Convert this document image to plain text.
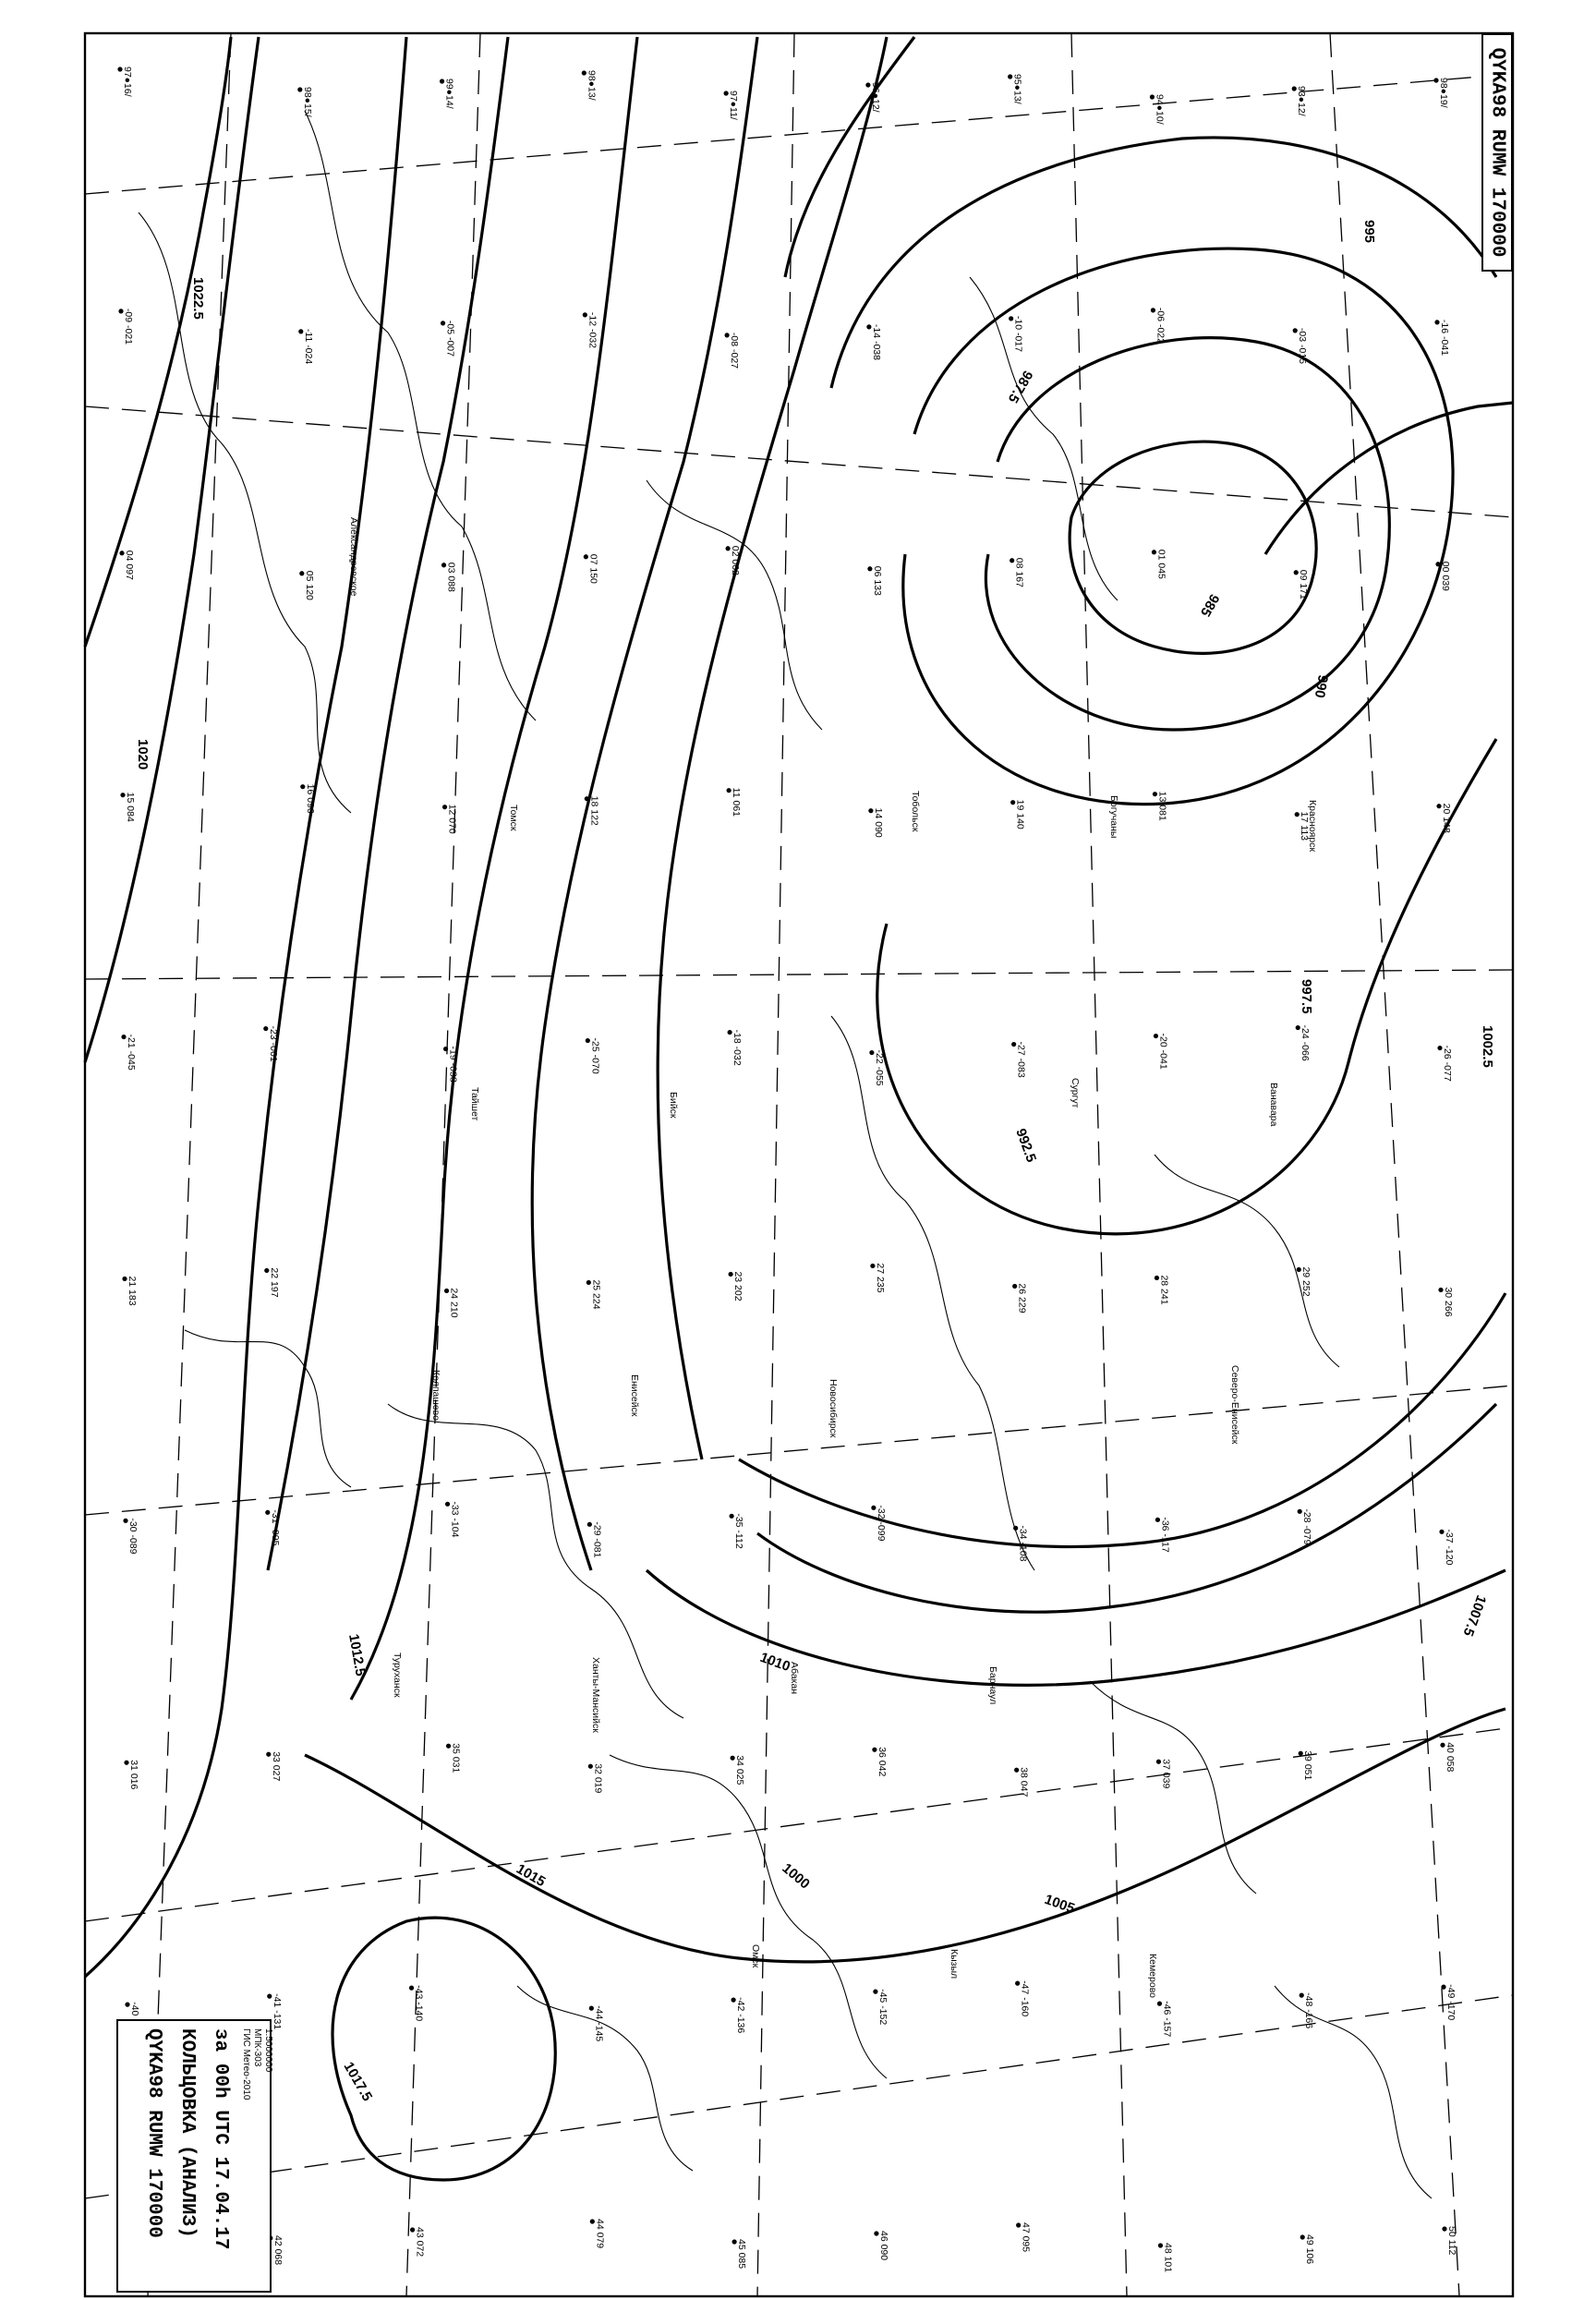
1022.5
1020
1017.5
1015
1012.5	1010
1007.5
1005
1002.5
1000
997.5
995
992.5
990
987.5
985
Александровское
Томск
Бийск
Новосибирск
Барнаул
Кемерово
Красноярск
Тайшет
Енисейск
Абакан
Кызыл
Богучаны
Ванавара
Колпашево
Ханты-Мансийск
Омск
Тобольск
Сургут
Северо-Енисейск
Туруханск
97●16/
98●15/	99●14/	98●13/
97●11/	96●12/	95●13/
94●10/	93●12/	98●19/
-09 -021
-11 -024	-05 -007	-12 -032
-08 -027	-14 -038	-10 -017	-06 -022
-03 -015	-16 -041
04 097
05 120	03 088	07 150	02 062
06 133	08 167	01 045
09 171	00 039
15 084	16 096
12 070	18 122	11 061
14 090	19 140	13 081
17 113	20 148
-21 -045	-23 -061
-19 -038	-25 -070	-18 -032
-22 -055	-27 -083	-20 -041	-24 -066
-26 -077
21 183	22 197
24 210	25 224	23 202	27 235
26 229	28 241	29 252
30 266
-30 -089	-31 -095	-33 -104
-29 -081	-35 -112	-32 -099
-34 -108	-36 -117	-28 -079
-37 -120
31 016	33 027	35 031
32 019	34 025	36 042
38 047	37 039	39 051	40 058
-41 -131	-43 -140
-44 -145	-42 -136	-45 -152	-47 -160
-46 -157	-48 -166	-49 -170
42 068	43 072	44 079
45 085	46 090	47 095
48 101	49 106	50 112
QYKA98 RUMW 170000
QYKA98 RUMW 170000 КОЛЬЦОВКА (АНАЛИЗ) за 00h UTC 17.04.17 ГИС Метео-2010 МПК-303 1:5000000
